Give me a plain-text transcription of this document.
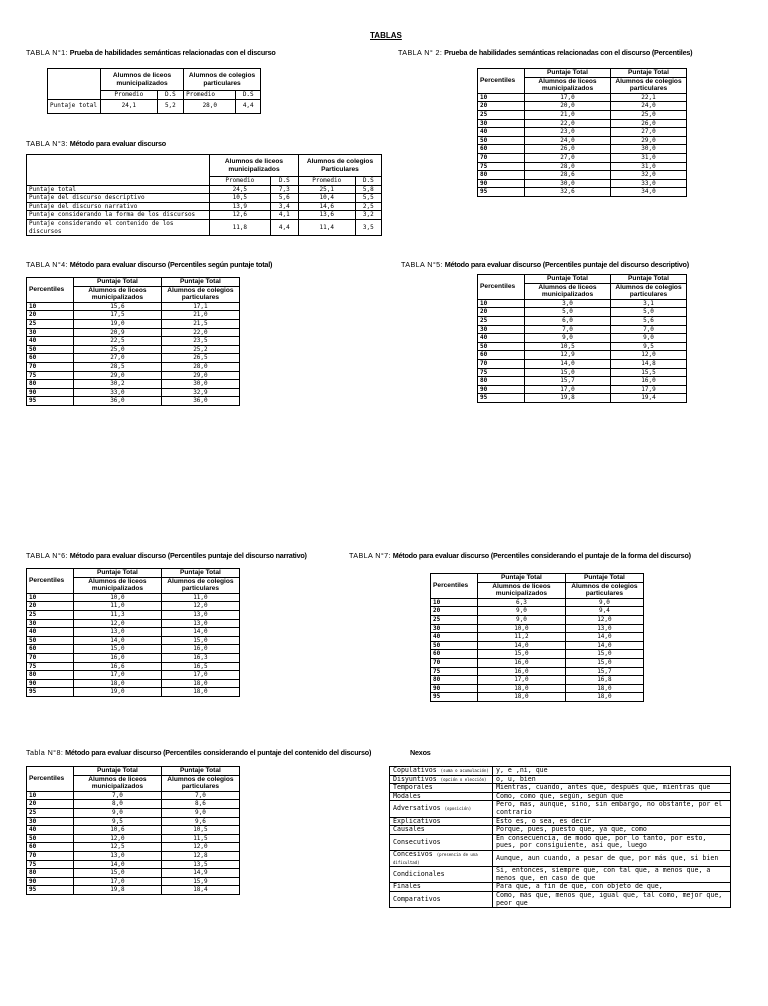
TABLAS
TABLA N°1: Prueba de habilidades semánticas relacionadas con el discurso
	Alumnos de liceos municipalizados		Alumnos de colegios particulares	
	Promedio	D.S	Promedio	D.S
Puntaje total	24,1	5,2	28,0	4,4
TABLA N° 2: Prueba de habilidades semánticas relacionadas con el discurso (Percentiles)
Percentiles	Puntaje Total	Puntaje Total
	Alumnos de liceos municipalizados	Alumnos de colegios particulares
10	17,0	22,1
20	20,0	24,0
25	21,0	25,0
30	22,0	26,0
40	23,0	27,0
50	24,0	29,0
60	26,0	30,0
70	27,0	31,0
75	28,0	31,0
80	28,6	32,0
90	30,0	33,0
95	32,6	34,0
TABLA N°3: Método para evaluar discurso
	Alumnos de liceos municipalizados		Alumnos de colegios Particulares	
	Promedio	D.S	Promedio	D.S
Puntaje total	24,5	7,3	25,1	5,8
Puntaje del discurso descriptivo	10,5	5,6	10,4	5,5
Puntaje del discurso narrativo	13,9	3,4	14,6	2,5
Puntaje considerando la forma de los discursos	12,6	4,1	13,6	3,2
Puntaje considerando el contenido de los discursos	11,8	4,4	11,4	3,5
TABLA N°4: Método para evaluar discurso (Percentiles según puntaje total)
Percentiles	Puntaje Total	Puntaje Total
	Alumnos de liceos municipalizados	Alumnos de colegios particulares
10	15,6	17,1
20	17,5	21,0
25	19,0	21,5
30	20,9	22,0
40	22,5	23,5
50	25,0	25,2
60	27,0	26,5
70	28,5	28,0
75	29,0	29,0
80	30,2	30,0
90	33,0	32,9
95	36,0	36,0
TABLA N°5: Método para evaluar discurso (Percentiles puntaje del discurso descriptivo)
Percentiles	Puntaje Total	Puntaje Total
	Alumnos de liceos municipalizados	Alumnos de colegios particulares
10	3,0	3,1
20	5,0	5,0
25	6,0	5,6
30	7,0	7,0
40	9,0	9,0
50	10,5	9,5
60	12,9	12,0
70	14,0	14,8
75	15,0	15,5
80	15,7	16,0
90	17,0	17,9
95	19,8	19,4
TABLA N°6: Método para evaluar discurso (Percentiles puntaje del discurso narrativo)
Percentiles	Puntaje Total	Puntaje Total
	Alumnos de liceos municipalizados	Alumnos de colegios particulares
10	10,0	11,0
20	11,0	12,0
25	11,3	13,0
30	12,0	13,0
40	13,0	14,0
50	14,0	15,0
60	15,0	16,0
70	16,0	16,3
75	16,6	16,5
80	17,0	17,0
90	18,0	18,0
95	19,0	18,0
TABLA N°7: Método para evaluar discurso (Percentiles considerando el puntaje de la forma del discurso)
Percentiles	Puntaje Total	Puntaje Total
	Alumnos de liceos municipalizados	Alumnos de colegios particulares
10	6,3	9,0
20	9,0	9,4
25	9,0	12,0
30	10,0	13,0
40	11,2	14,0
50	14,0	14,0
60	15,0	15,0
70	16,0	15,0
75	16,0	15,7
80	17,0	16,8
90	18,0	18,0
95	18,0	18,0
Tabla N°8: Método para evaluar discurso (Percentiles considerando el puntaje del contenido del discurso)
Percentiles	Puntaje Total	Puntaje Total
	Alumnos de liceos municipalizados	Alumnos de colegios particulares
10	7,0	7,0
20	8,0	8,6
25	9,0	9,0
30	9,5	9,6
40	10,6	10,5
50	12,0	11,5
60	12,5	12,0
70	13,0	12,8
75	14,0	13,5
80	15,0	14,9
90	17,0	15,9
95	19,8	18,4
Nexos
Copulativos (suma o acumulación)	y, e ,ni, que
Disyuntivos (opción o elección)	o, u, bien
Temporales	Mientras, cuando, antes que, después que, mientras que
Modales	Como, como que, según, según que
Adversativos (oposición)	Pero, mas, aunque, sino, sin embargo, no obstante, por el contrario
Explicativos	Esto es, o sea, es decir
Causales	Porque, pues, puesto que, ya que, como
Consecutivos	En consecuencia, de modo que, por lo tanto, por esto, pues, por consiguiente, así que, luego
Concesivos (presencia de una dificultad)	Aunque, aun cuando, a pesar de que, por más que, si bien
Condicionales	Si, entonces, siempre que, con tal que, a menos que, a menos que, en caso de que
Finales	Para que, a fin de que, con objeto de que,
Comparativos	Como, más que, menos que, igual que, tal como, mejor que, peor que
